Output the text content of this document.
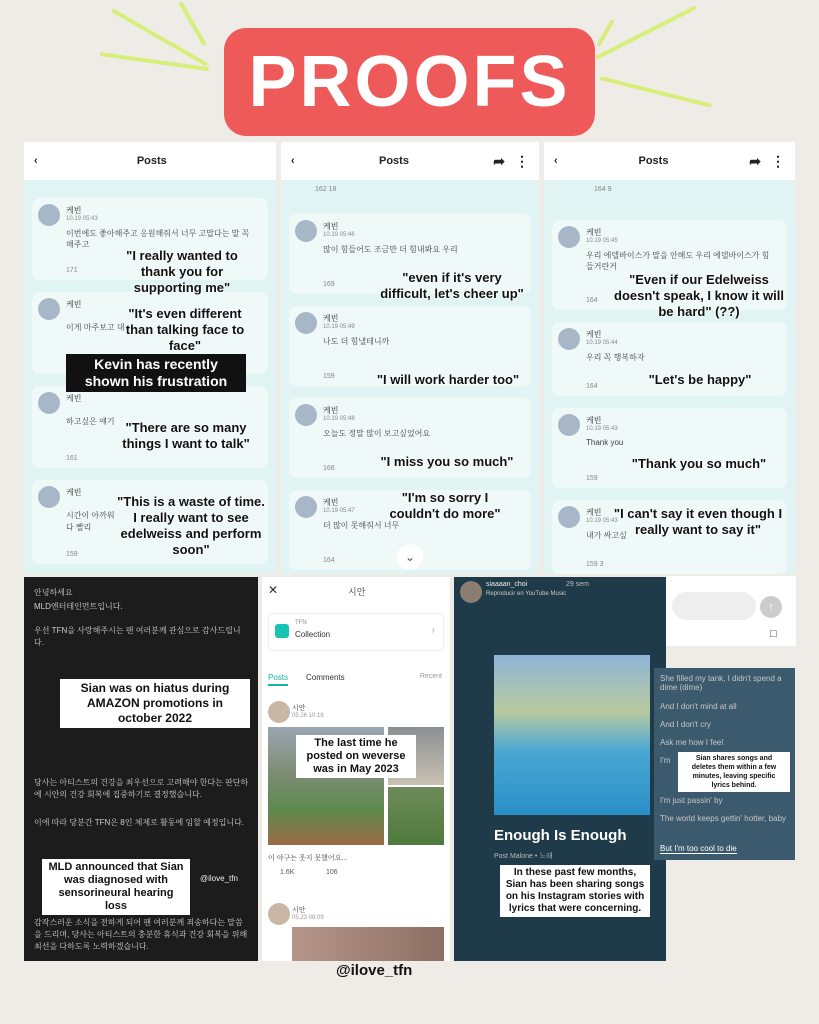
PROOFS
‹	Posts
케빈
10.19 05:43
이번에도 좋아해주고 응원해줘서 너무 고맙다는 말 꼭 해주고
171
케빈
이게 마주보고 대
케빈
하고싶은 얘기
161
케빈
시간이 아까워
다 빨리
159
"I really wanted to thank you for supporting me"
"It's even different than talking face to face"
Kevin has recently shown his frustration
"There are so many things I want to talk"
"This is a waste of time. I really want to see edelweiss and perform soon"
‹	Posts	➦ ⋮
162 18
케빈
10.19 05:46
많이 힘들어도 조금만 더 힘내봐요 우리
169
케빈
10.19 05:49
나도 더 힘낼테니까
159
케빈
10.19 05:48
오늘도 정말 많이 보고싶었어요
166
케빈
10.19 05:47
더 많이 못해줘서 너무
164	⌄
"even if it's very difficult, let's cheer up"
"I will work harder too"
"I miss you so much"
"I'm so sorry I couldn't do more"
‹	Posts	➦ ⋮
164 9
케빈
10.19 05:45
우리 에델바이스가 말을 안해도 우리 에델바이스가 힘들거란거
164
케빈
10.19 05:44
우리 꼭 행복하자
164
케빈
10.19 05:43
Thank you
159
케빈
10.19 05:43
내가 싸고싶
159 3
"Even if our Edelweiss doesn't speak, I know it will be hard" (??)
"Let's be happy"
"Thank you so much"
"I can't say it even though I really want to say it"
↑
□
안녕하세요
MLD엔터테인먼트입니다.
우선 TFN을 사랑해주시는 팬 여러분께 관심으로 감사드립니다.
당사는 아티스트의 건강을 최우선으로 고려해야 한다는 판단하에 시안의 건강 회복에 집중하기로 결정했습니다.
이에 따라 당분간 TFN은 8인 체제로 활동에 임할 예정입니다.
감작스러운 소식을 전하게 되어 팬 여러분께 죄송하다는 말씀을 드리며, 당사는 아티스트의 충분한 휴식과 건강 회복을 위해 최선을 다하도록 노력하겠습니다.
Sian was on hiatus during AMAZON promotions in october 2022
MLD announced that Sian was diagnosed with sensorineural hearing loss
@ilove_tfn
✕	시안
TFN
Collection	›
Posts Comments	Recent
시안
05.26 10:18
The last time he posted on weverse was in May 2023
이 야구는 웃지 못했어요...
1.6K	106
시안
05.23 08:09
siaaaan_choi	29 sem
Reproducir en YouTube Music
Enough Is Enough
Post Malone • 노래
In these past few months, Sian has been sharing songs on his Instagram stories with lyrics that were concerning.
She filled my tank, I didn't spend a dime (dime)
And I don't mind at all
And I don't cry
Ask me how I feel
I'm
I'm just passin' by
The world keeps gettin' hotter, baby
But I'm too cool to die
Sian shares songs and deletes them within a few minutes, leaving specific lyrics behind.
@ilove_tfn
